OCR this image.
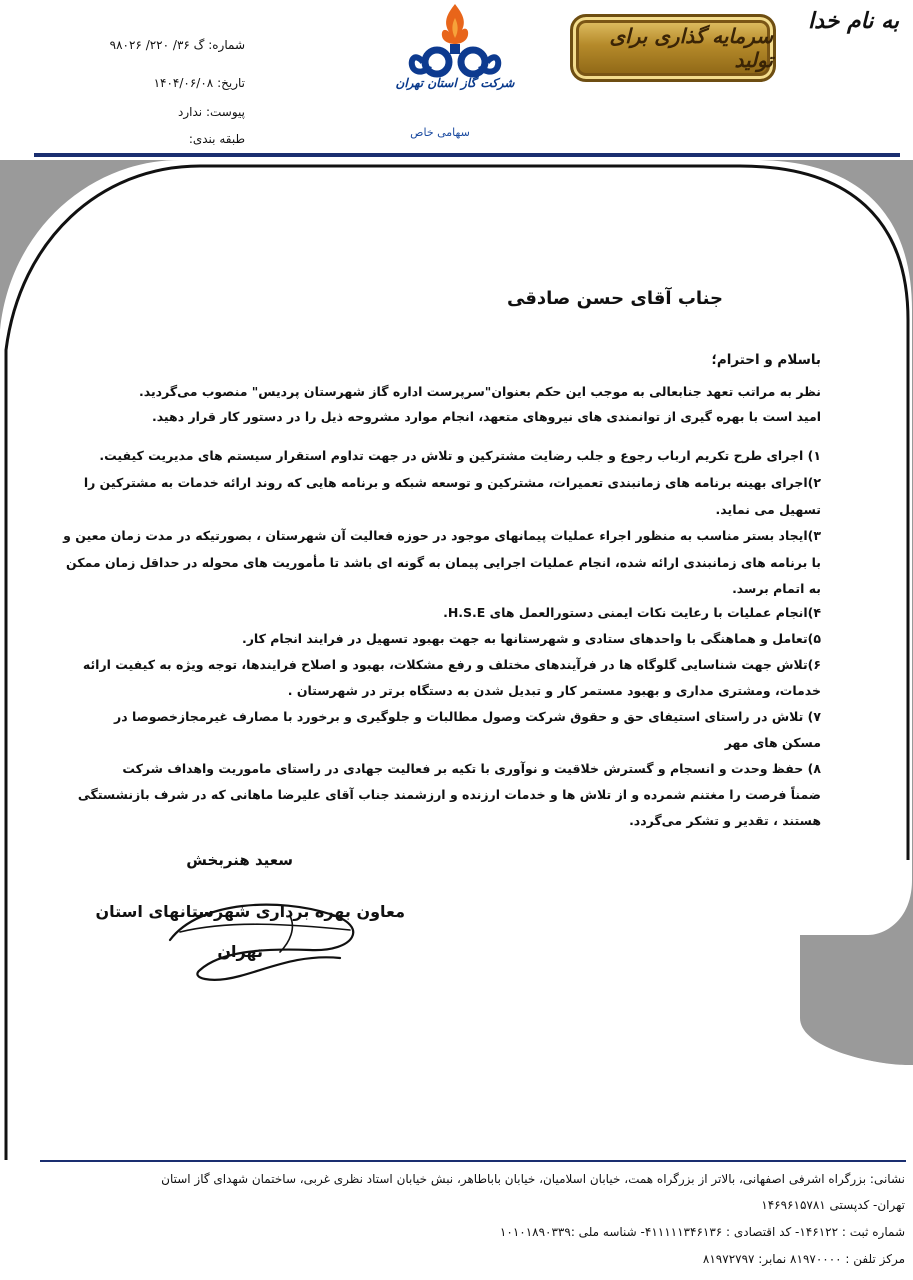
به نام خدا
سرمایه گذاری برای تولید
شرکت گاز استان تهران
سهامی خاص
شماره: گ ۳۶/ ۲۲۰/ ۹۸۰۲۶
تاریخ: ۱۴۰۴/۰۶/۰۸
پیوست: ندارد
طبقه بندی:
جناب آقای حسن صادقی
باسلام و احترام؛
نظر به مراتب تعهد جنابعالی به موجب این حکم بعنوان"سرپرست اداره گاز شهرستان پردیس" منصوب می‌گردید.
امید است با بهره گیری از توانمندی های نیروهای متعهد، انجام موارد مشروحه ذیل را در دستور کار قرار دهید.
۱) اجرای طرح تکریم ارباب رجوع و جلب رضایت مشترکین و تلاش در جهت تداوم استقرار سیستم های مدیریت کیفیت.
۲)اجرای بهینه برنامه های زمانبندی تعمیرات، مشترکین و توسعه شبکه و برنامه هایی که روند ارائه خدمات به مشترکین را
تسهیل می نماید.
۳)ایجاد بستر مناسب به منظور اجراء عملیات پیمانهای موجود در حوزه فعالیت آن شهرستان ، بصورتیکه در مدت زمان معین و
با برنامه های زمانبندی ارائه شده، انجام عملیات اجرایی پیمان به گونه ای باشد تا مأموریت های محوله در حداقل زمان ممکن
به اتمام برسد.
۴)انجام عملیات با رعایت نکات ایمنی دستورالعمل های H.S.E.
۵)تعامل و هماهنگی با واحدهای ستادی و شهرستانها به جهت بهبود تسهیل در فرایند انجام کار.
۶)تلاش جهت شناسایی گلوگاه ها در فرآیندهای مختلف و رفع مشکلات، بهبود و اصلاح فرایندها، توجه ویژه به کیفیت ارائه
خدمات، ومشتری مداری و بهبود مستمر کار و تبدیل شدن به دستگاه برتر در شهرستان .
۷) تلاش در راستای استیفای حق و حقوق شرکت وصول مطالبات و جلوگیری و برخورد با مصارف غیرمجازخصوصا در
مسکن های مهر
۸) حفظ وحدت و انسجام و گسترش خلاقیت و نوآوری با تکیه بر فعالیت جهادی در راستای ماموریت واهداف شرکت
ضمناً فرصت را مغتنم شمرده و از تلاش ها و خدمات ارزنده و ارزشمند جناب آقای علیرضا ماهانی که در شرف بازنشستگی
هستند ، تقدیر و تشکر می‌گردد.
سعید هنربخش
معاون بهره برداری شهرستانهای استان
تهران
نشانی: بزرگراه اشرفی اصفهانی، بالاتر از بزرگراه همت، خیابان اسلامیان، خیابان باباطاهر، نبش خیابان استاد نظری غربی، ساختمان شهدای گاز استان
تهران- کدپستی ۱۴۶۹۶۱۵۷۸۱
شماره ثبت : ۱۴۶۱۲۲- کد اقتصادی : ۴۱۱۱۱۱۳۴۶۱۳۶- شناسه ملی :۱۰۱۰۱۸۹۰۳۳۹
مرکز تلفن : ۸۱۹۷۰۰۰۰ نمابر: ۸۱۹۷۲۷۹۷
